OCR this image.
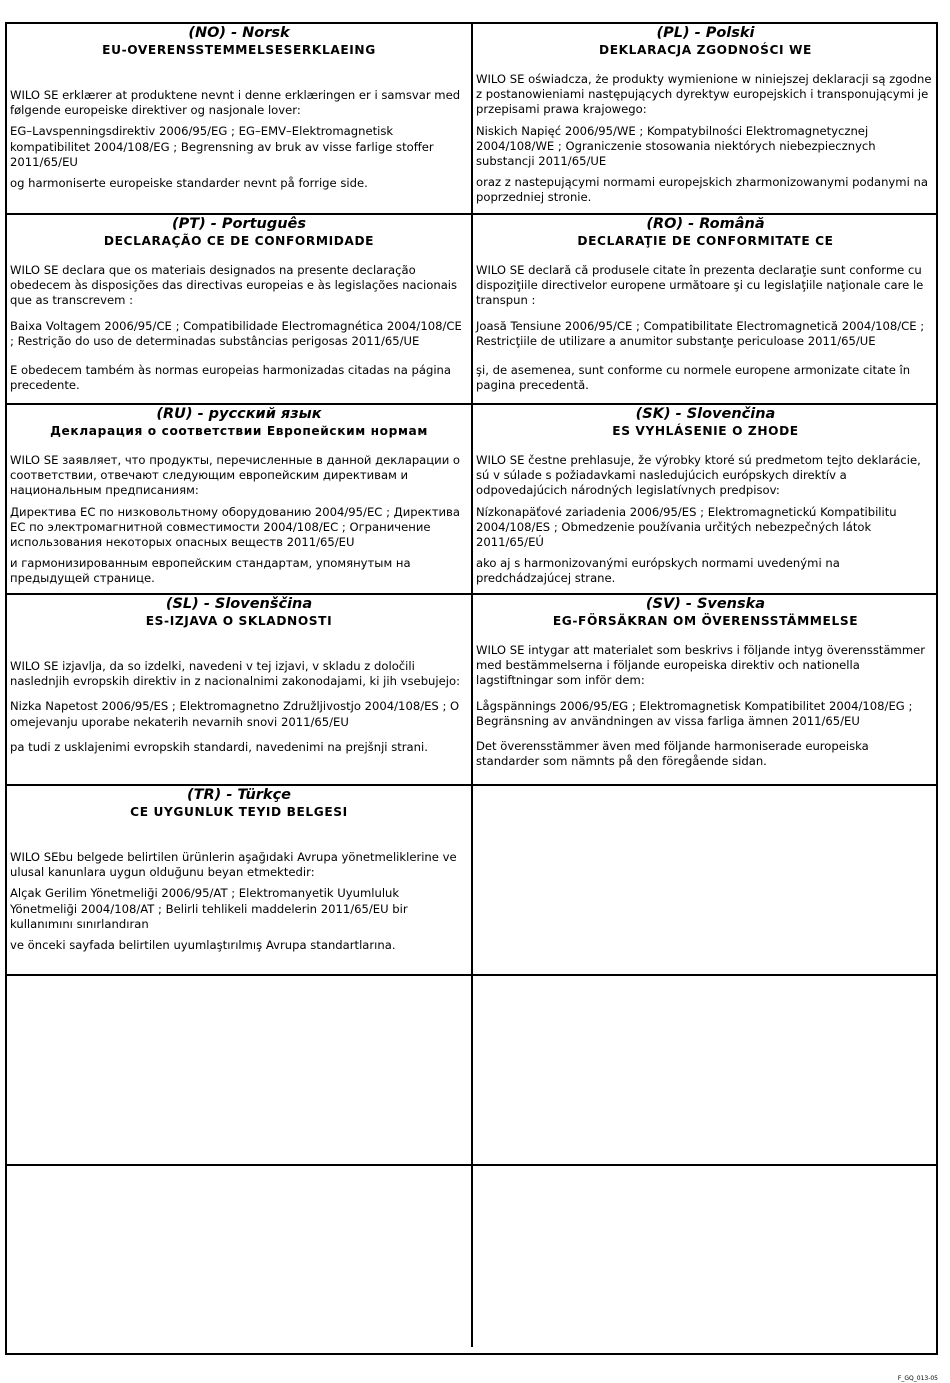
(NO) - Norsk
EU-OVERENSSTEMMELSESERKLAEING

WILO SE erklærer at produktene nevnt i denne erklæringen er i samsvar med følgende europeiske direktiver og nasjonale lover:

EG–Lavspenningsdirektiv 2006/95/EG ; EG–EMV–Elektromagnetisk kompatibilitet 2004/108/EG ; Begrensning av bruk av visse farlige stoffer 2011/65/EU

og harmoniserte europeiske standarder nevnt på forrige side.

(PL) - Polski
DEKLARACJA ZGODNOŚCI WE

WILO SE oświadcza, że produkty wymienione w niniejszej deklaracji są zgodne z postanowieniami następujących dyrektyw europejskich i transponującymi je przepisami prawa krajowego:

Niskich Napięć 2006/95/WE ; Kompatybilności Elektromagnetycznej 2004/108/WE ; Ograniczenie stosowania niektórych niebezpiecznych substancji 2011/65/UE

oraz z nastepującymi normami europejskich zharmonizowanymi podanymi na poprzedniej stronie.

(PT) - Português
DECLARAÇÃO CE DE CONFORMIDADE

WILO SE declara que os materiais designados na presente declaração obedecem às disposições das directivas europeias e às legislações nacionais que as transcrevem :

Baixa Voltagem 2006/95/CE ; Compatibilidade Electromagnética 2004/108/CE ; Restrição do uso de determinadas substâncias perigosas 2011/65/UE

E obedecem também às normas europeias harmonizadas citadas na página precedente.

(RO) - Română
DECLARAŢIE DE CONFORMITATE CE

WILO SE declară că produsele citate în prezenta declaraţie sunt conforme cu dispoziţiile directivelor europene următoare şi cu legislaţiile naţionale care le transpun :

Joasă Tensiune 2006/95/CE ; Compatibilitate Electromagnetică 2004/108/CE ; Restricţiile de utilizare a anumitor substanţe periculoase 2011/65/UE

şi, de asemenea, sunt conforme cu normele europene armonizate citate în pagina precedentă.

(RU) - русский язык
Декларация о соответствии Европейским нормам

WILO SE заявляет, что продукты, перечисленные в данной декларации о соответствии, отвечают следующим европейским директивам и национальным предписаниям:

Директива ЕС по низковольтному оборудованию 2004/95/EC ; Директива ЕС по электромагнитной совместимости 2004/108/EC ; Ограничение использования некоторых опасных веществ 2011/65/EU

и гармонизированным европейским стандартам, упомянутым на предыдущей странице.

(SK) - Slovenčina
ES VYHLÁSENIE O ZHODE

WILO SE čestne prehlasuje, že výrobky ktoré sú predmetom tejto deklarácie, sú v súlade s požiadavkami nasledujúcich európskych direktív a odpovedajúcich národných legislatívnych predpisov:

Nízkonapäťové zariadenia 2006/95/ES ; Elektromagnetickú Kompatibilitu 2004/108/ES ; Obmedzenie používania určitých nebezpečných látok 2011/65/EÚ

ako aj s harmonizovanými európskych normami uvedenými na predchádzajúcej strane.

(SL) - Slovenščina
ES-IZJAVA O SKLADNOSTI

WILO SE izjavlja, da so izdelki, navedeni v tej izjavi, v skladu z določili naslednjih evropskih direktiv in z nacionalnimi zakonodajami, ki jih vsebujejo:

Nizka Napetost 2006/95/ES ; Elektromagnetno Združljivostjo 2004/108/ES ; O omejevanju uporabe nekaterih nevarnih snovi 2011/65/EU

pa tudi z usklajenimi evropskih standardi, navedenimi na prejšnji strani.

(SV) - Svenska
EG-FÖRSÄKRAN OM ÖVERENSSTÄMMELSE

WILO SE intygar att materialet som beskrivs i följande intyg överensstämmer med bestämmelserna i följande europeiska direktiv och nationella lagstiftningar som inför dem:

Lågspännings 2006/95/EG ; Elektromagnetisk Kompatibilitet 2004/108/EG ; Begränsning av användningen av vissa farliga ämnen 2011/65/EU

Det överensstämmer även med följande harmoniserade europeiska standarder som nämnts på den föregående sidan.

(TR) - Türkçe
CE UYGUNLUK TEYID BELGESI

WILO SEbu belgede belirtilen ürünlerin aşağıdaki Avrupa yönetmeliklerine ve ulusal kanunlara uygun olduğunu beyan etmektedir:

Alçak Gerilim Yönetmeliği 2006/95/AT ; Elektromanyetik Uyumluluk Yönetmeliği 2004/108/AT ; Belirli tehlikeli maddelerin 2011/65/EU bir kullanımını sınırlandıran

ve önceki sayfada belirtilen uyumlaştırılmış Avrupa standartlarına.

F_GQ_013-05
